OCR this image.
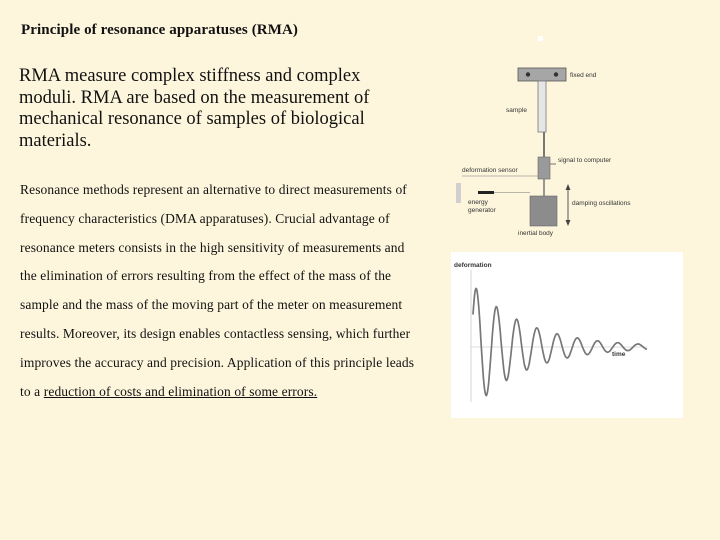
Principle of resonance apparatuses (RMA)
RMA measure complex stiffness and complex moduli. RMA are based on the measurement of mechanical resonance of samples of biological materials.
Resonance methods represent an alternative to direct measurements of frequency characteristics (DMA apparatuses). Crucial advantage of resonance meters consists in the high sensitivity of measurements and the elimination of errors resulting from the effect of the mass of the sample and the mass of the moving part of the meter on measurement results. Moreover, its design enables contactless sensing, which further improves the accuracy and precision. Application of this principle leads to a reduction of costs and elimination of some errors.
fixed end
sample
signal to computer
deformation sensor
energy
generator
inertial body
damping oscillations
deformation
time
